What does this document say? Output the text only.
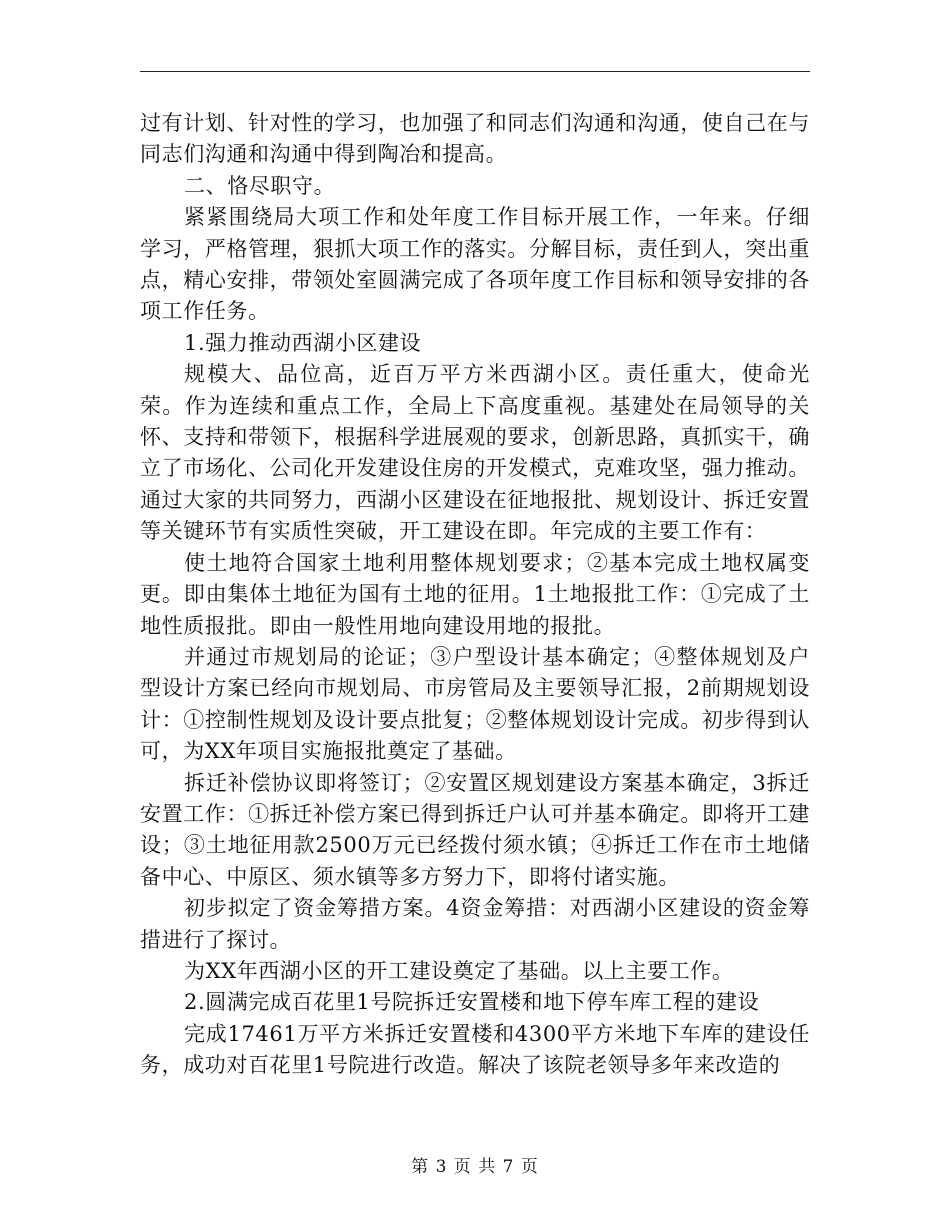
过有计划、针对性的学习，也加强了和同志们沟通和沟通，使自己在与同志们沟通和沟通中得到陶冶和提高。

二、恪尽职守。

紧紧围绕局大项工作和处年度工作目标开展工作，一年来。仔细学习，严格管理，狠抓大项工作的落实。分解目标，责任到人，突出重点，精心安排，带领处室圆满完成了各项年度工作目标和领导安排的各项工作任务。

1.强力推动西湖小区建设

规模大、品位高，近百万平方米西湖小区。责任重大，使命光荣。作为连续和重点工作，全局上下高度重视。基建处在局领导的关怀、支持和带领下，根据科学进展观的要求，创新思路，真抓实干，确立了市场化、公司化开发建设住房的开发模式，克难攻坚，强力推动。通过大家的共同努力，西湖小区建设在征地报批、规划设计、拆迁安置等关键环节有实质性突破，开工建设在即。年完成的主要工作有：

使土地符合国家土地利用整体规划要求；②基本完成土地权属变更。即由集体土地征为国有土地的征用。1土地报批工作：①完成了土地性质报批。即由一般性用地向建设用地的报批。

并通过市规划局的论证；③户型设计基本确定；④整体规划及户型设计方案已经向市规划局、市房管局及主要领导汇报，2前期规划设计：①控制性规划及设计要点批复；②整体规划设计完成。初步得到认可，为XX年项目实施报批奠定了基础。

拆迁补偿协议即将签订；②安置区规划建设方案基本确定，3拆迁安置工作：①拆迁补偿方案已得到拆迁户认可并基本确定。即将开工建设；③土地征用款2500万元已经拨付须水镇；④拆迁工作在市土地储备中心、中原区、须水镇等多方努力下，即将付诸实施。

初步拟定了资金筹措方案。4资金筹措：对西湖小区建设的资金筹措进行了探讨。

为XX年西湖小区的开工建设奠定了基础。以上主要工作。

2.圆满完成百花里1号院拆迁安置楼和地下停车库工程的建设

完成17461万平方米拆迁安置楼和4300平方米地下车库的建设任务，成功对百花里1号院进行改造。解决了该院老领导多年来改造的

第 3 页 共 7 页
